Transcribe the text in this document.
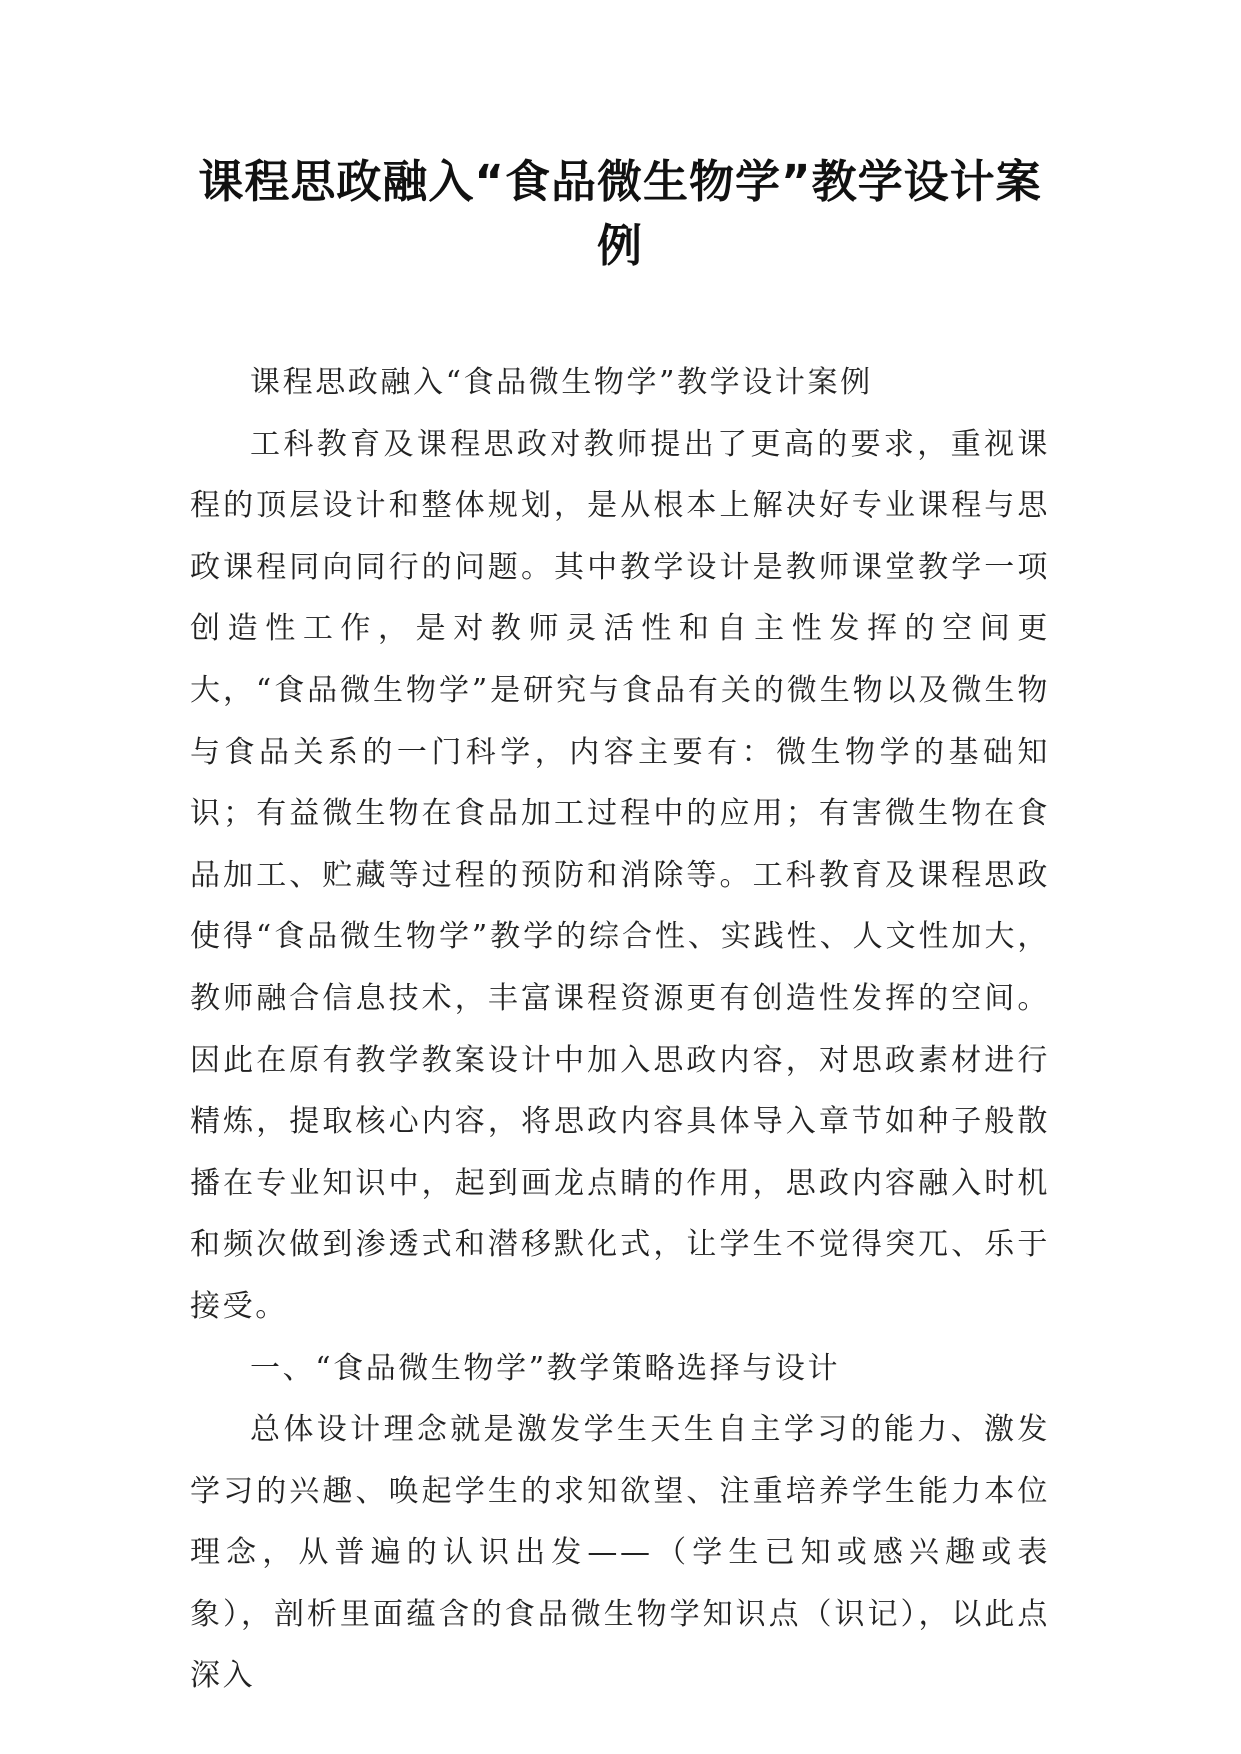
课程思政融入“食品微生物学”教学设计案例

课程思政融入“食品微生物学”教学设计案例

工科教育及课程思政对教师提出了更高的要求，重视课程的顶层设计和整体规划，是从根本上解决好专业课程与思政课程同向同行的问题。其中教学设计是教师课堂教学一项创造性工作，是对教师灵活性和自主性发挥的空间更大，“食品微生物学”是研究与食品有关的微生物以及微生物与食品关系的一门科学，内容主要有：微生物学的基础知识；有益微生物在食品加工过程中的应用；有害微生物在食品加工、贮藏等过程的预防和消除等。工科教育及课程思政使得“食品微生物学”教学的综合性、实践性、人文性加大，教师融合信息技术，丰富课程资源更有创造性发挥的空间。因此在原有教学教案设计中加入思政内容，对思政素材进行精炼，提取核心内容，将思政内容具体导入章节如种子般散播在专业知识中，起到画龙点睛的作用，思政内容融入时机和频次做到渗透式和潜移默化式，让学生不觉得突兀、乐于接受。

一、“食品微生物学”教学策略选择与设计

总体设计理念就是激发学生天生自主学习的能力、激发学习的兴趣、唤起学生的求知欲望、注重培养学生能力本位理念，从普遍的认识出发——（学生已知或感兴趣或表象），剖析里面蕴含的食品微生物学知识点（识记），以此点深入
